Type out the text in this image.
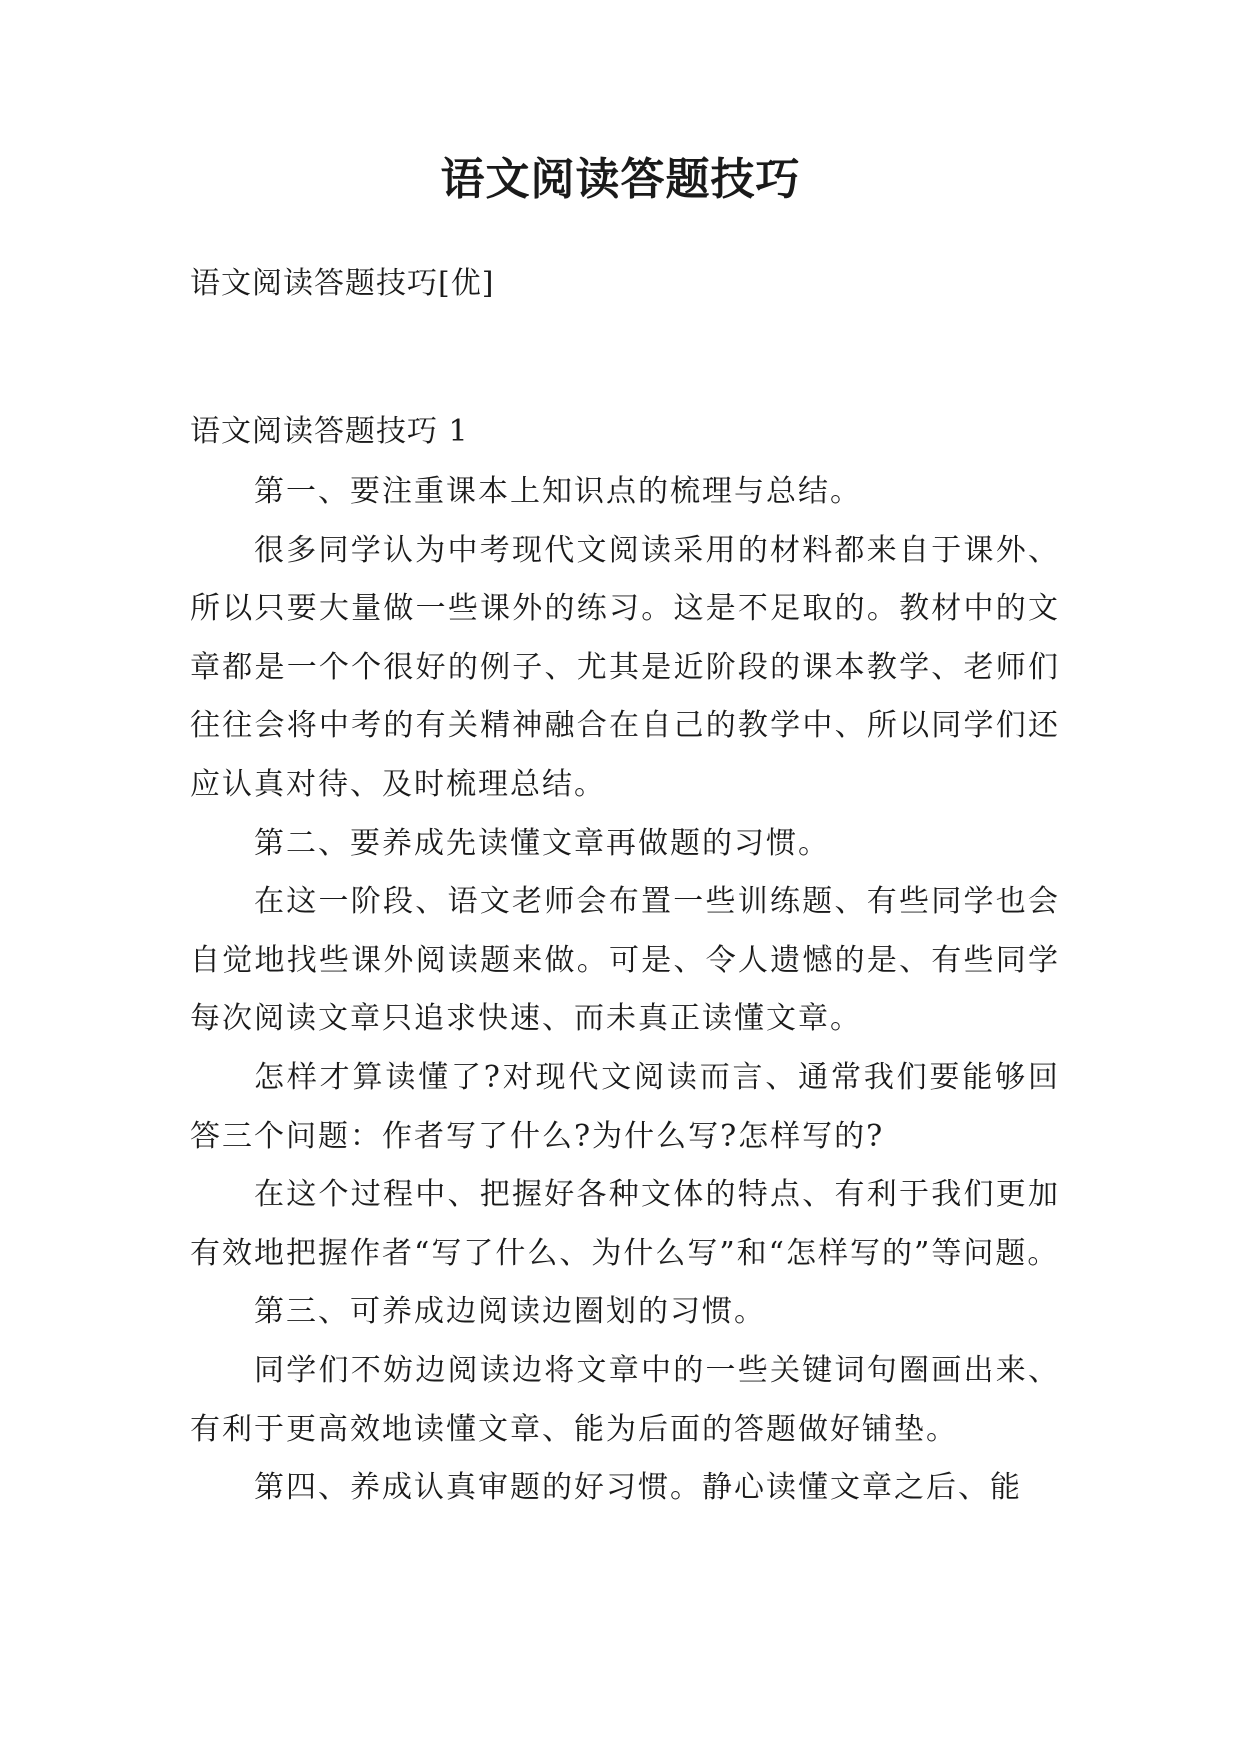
语文阅读答题技巧
语文阅读答题技巧[优]
语文阅读答题技巧 1

第一、要注重课本上知识点的梳理与总结。

很多同学认为中考现代文阅读采用的材料都来自于课外、所以只要大量做一些课外的练习。这是不足取的。教材中的文章都是一个个很好的例子、尤其是近阶段的课本教学、老师们往往会将中考的有关精神融合在自己的教学中、所以同学们还应认真对待、及时梳理总结。

第二、要养成先读懂文章再做题的习惯。

在这一阶段、语文老师会布置一些训练题、有些同学也会自觉地找些课外阅读题来做。可是、令人遗憾的是、有些同学每次阅读文章只追求快速、而未真正读懂文章。

怎样才算读懂了?对现代文阅读而言、通常我们要能够回答三个问题：作者写了什么?为什么写?怎样写的?

在这个过程中、把握好各种文体的特点、有利于我们更加有效地把握作者“写了什么、为什么写”和“怎样写的”等问题。

第三、可养成边阅读边圈划的习惯。

同学们不妨边阅读边将文章中的一些关键词句圈画出来、有利于更高效地读懂文章、能为后面的答题做好铺垫。

第四、养成认真审题的好习惯。静心读懂文章之后、能
